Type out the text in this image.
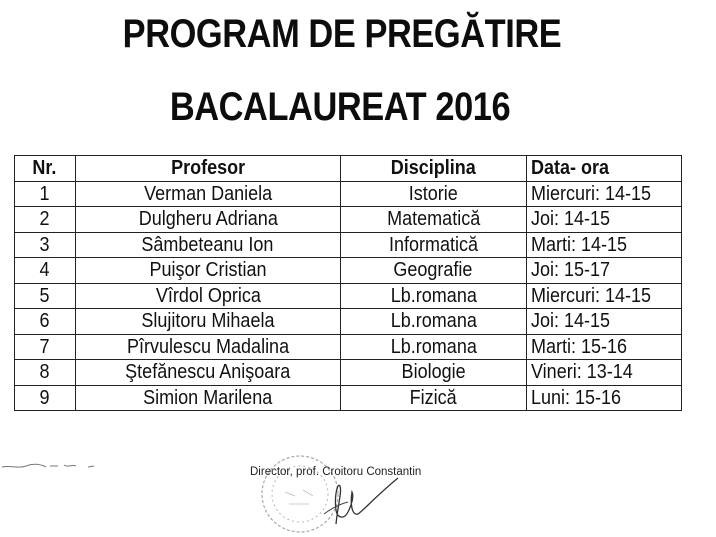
PROGRAM DE PREGĂTIRE
BACALAUREAT 2016
Nr.	Profesor	Disciplina	Data- ora
1	Verman Daniela	Istorie	Miercuri: 14-15
2	Dulgheru Adriana	Matematică	Joi: 14-15
3	Sâmbeteanu Ion	Informatică	Marti: 14-15
4	Puişor Cristian	Geografie	Joi: 15-17
5	Vîrdol Oprica	Lb.romana	Miercuri: 14-15
6	Slujitoru Mihaela	Lb.romana	Joi: 14-15
7	Pîrvulescu Madalina	Lb.romana	Marti: 15-16
8	Ştefănescu Anişoara	Biologie	Vineri: 13-14
9	Simion Marilena	Fizică	Luni: 15-16
Director, prof. Croitoru Constantin
